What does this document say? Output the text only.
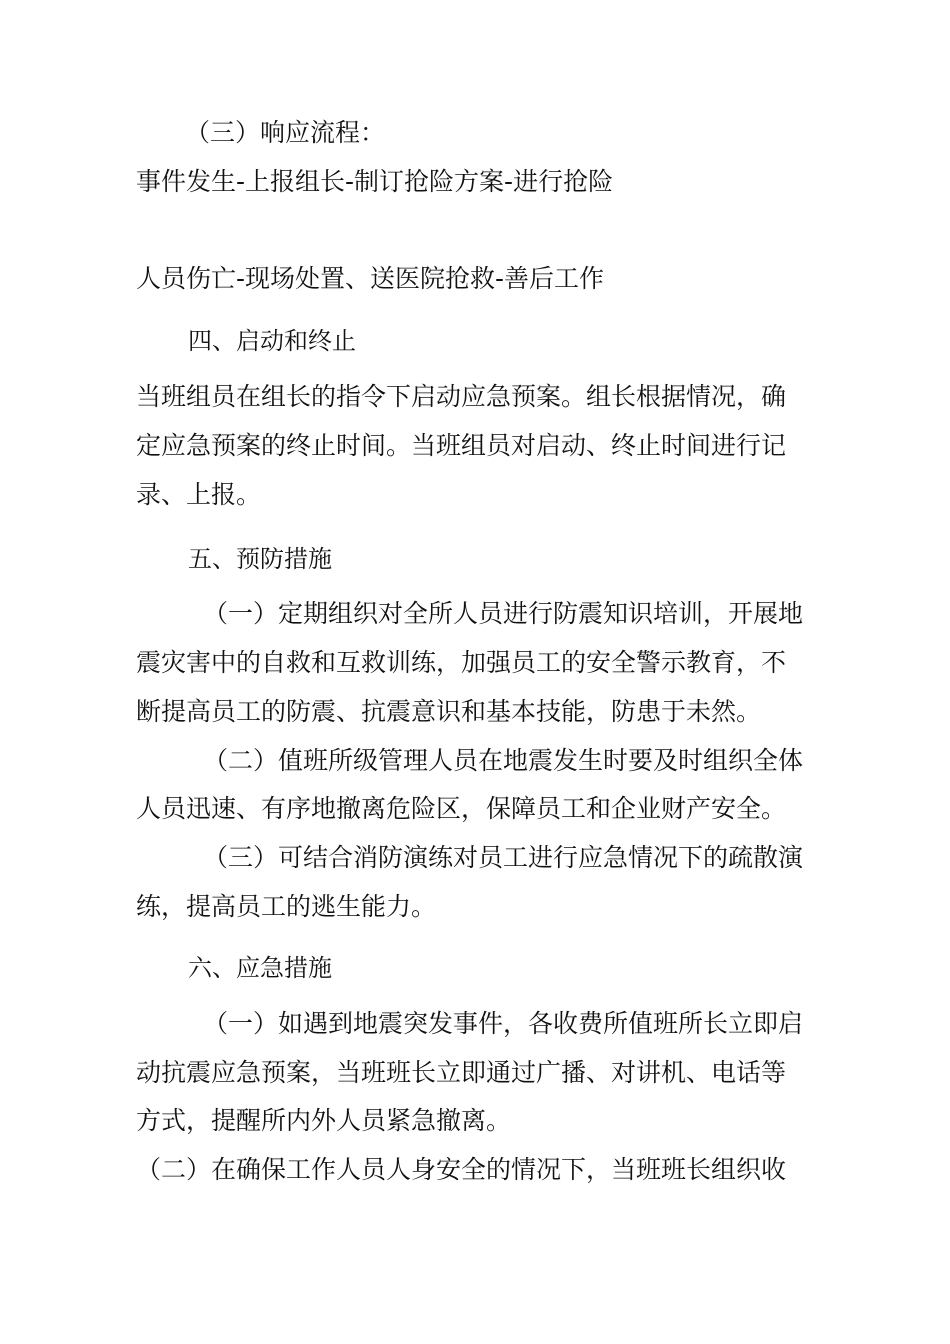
（三）响应流程：
事件发生-上报组长-制订抢险方案-进行抢险
人员伤亡-现场处置、送医院抢救-善后工作
四、启动和终止
当班组员在组长的指令下启动应急预案。组长根据情况，确
定应急预案的终止时间。当班组员对启动、终止时间进行记
录、上报。
五、预防措施
（一）定期组织对全所人员进行防震知识培训，开展地
震灾害中的自救和互救训练，加强员工的安全警示教育，不
断提高员工的防震、抗震意识和基本技能，防患于未然。
（二）值班所级管理人员在地震发生时要及时组织全体
人员迅速、有序地撤离危险区，保障员工和企业财产安全。
（三）可结合消防演练对员工进行应急情况下的疏散演
练，提高员工的逃生能力。
六、应急措施
（一）如遇到地震突发事件，各收费所值班所长立即启
动抗震应急预案，当班班长立即通过广播、对讲机、电话等
方式，提醒所内外人员紧急撤离。
（二）在确保工作人员人身安全的情况下，当班班长组织收
